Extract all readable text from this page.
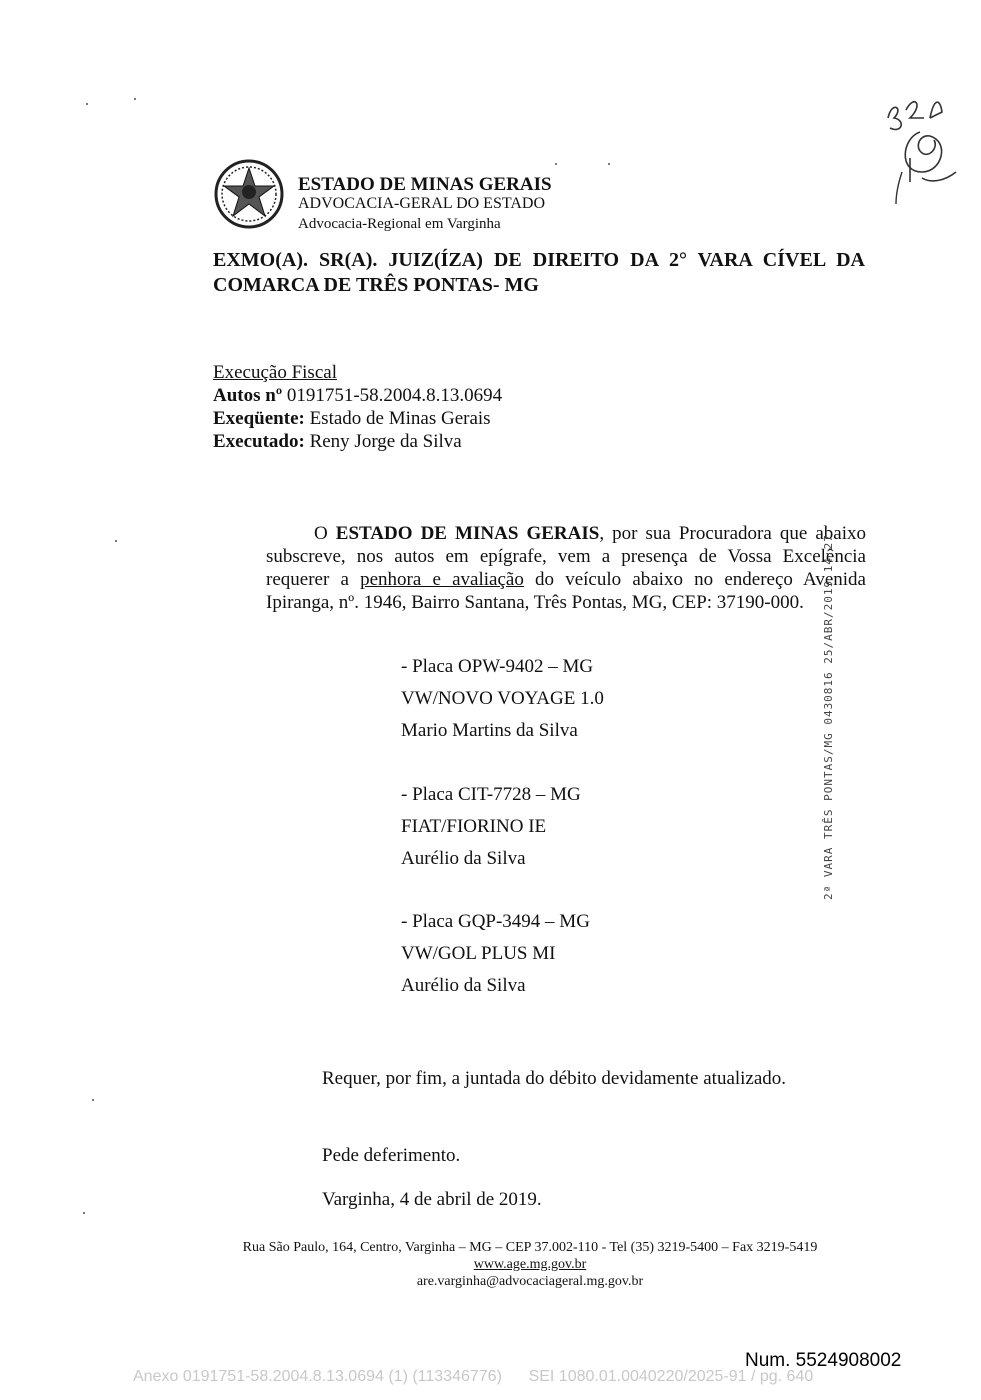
ESTADO DE MINAS GERAIS
ADVOCACIA-GERAL DO ESTADO
Advocacia-Regional em Varginha
EXMO(A). SR(A). JUIZ(ÍZA) DE DIREITO DA 2° VARA CÍVEL DA COMARCA DE TRÊS PONTAS- MG
Execução Fiscal
Autos nº 0191751-58.2004.8.13.0694
Exeqüente: Estado de Minas Gerais
Executado: Reny Jorge da Silva
O ESTADO DE MINAS GERAIS, por sua Procuradora que abaixo subscreve, nos autos em epígrafe, vem a presença de Vossa Excelência requerer a penhora e avaliação do veículo abaixo no endereço Avenida Ipiranga, nº. 1946, Bairro Santana, Três Pontas, MG, CEP: 37190-000.
- Placa OPW-9402 – MG
VW/NOVO VOYAGE 1.0
Mario Martins da Silva
- Placa CIT-7728 – MG
FIAT/FIORINO IE
Aurélio da Silva
- Placa GQP-3494 – MG
VW/GOL PLUS MI
Aurélio da Silva
2ª VARA TRÊS PONTAS/MG 0430816 25/ABR/2019 14:27
Requer, por fim, a juntada do débito devidamente atualizado.
Pede deferimento.
Varginha, 4 de abril de 2019.
Rua São Paulo, 164, Centro, Varginha – MG – CEP 37.002-110 - Tel (35) 3219-5400 – Fax 3219-5419
www.age.mg.gov.br
are.varginha@advocaciageral.mg.gov.br
Num. 5524908002
Anexo 0191751-58.2004.8.13.0694 (1) (113346776)      SEI 1080.01.0040220/2025-91 / pg. 640
